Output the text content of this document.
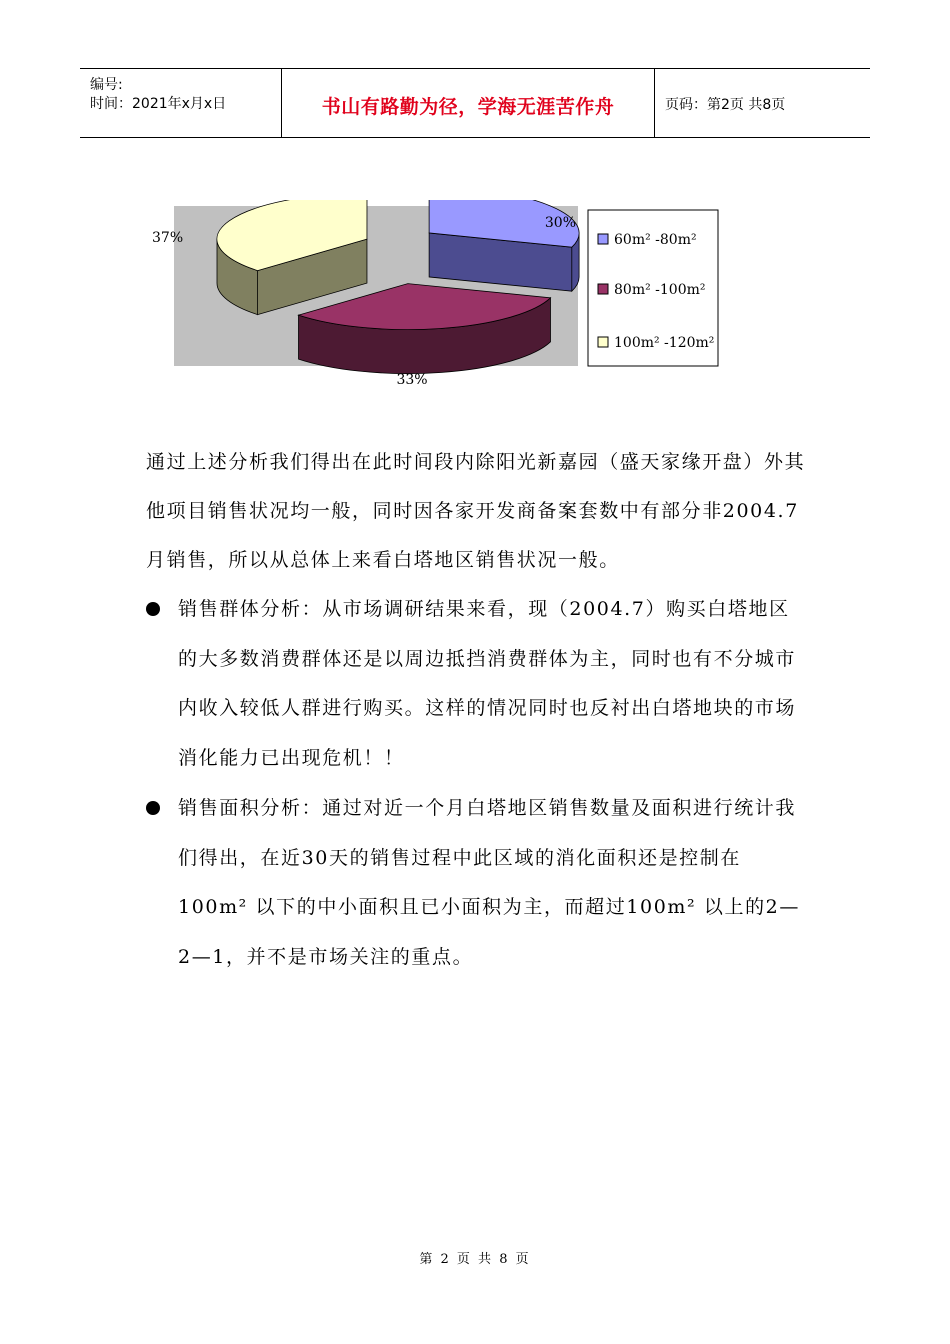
编号:
时间：2021年x月x日	书山有路勤为径，学海无涯苦作舟	页码：第2页 共8页
30%
33%
37%	60m² -80m²
80m² -100m²
100m² -120m²
通过上述分析我们得出在此时间段内除阳光新嘉园（盛天家缘开盘）外其他项目销售状况均一般，同时因各家开发商备案套数中有部分非2004.7月销售，所以从总体上来看白塔地区销售状况一般。
销售群体分析：从市场调研结果来看，现（2004.7）购买白塔地区的大多数消费群体还是以周边抵挡消费群体为主，同时也有不分城市内收入较低人群进行购买。这样的情况同时也反衬出白塔地块的市场消化能力已出现危机！！
销售面积分析：通过对近一个月白塔地区销售数量及面积进行统计我们得出，在近30天的销售过程中此区域的消化面积还是控制在100m² 以下的中小面积且已小面积为主，而超过100m² 以上的2—2—1，并不是市场关注的重点。
第 2 页 共 8 页
